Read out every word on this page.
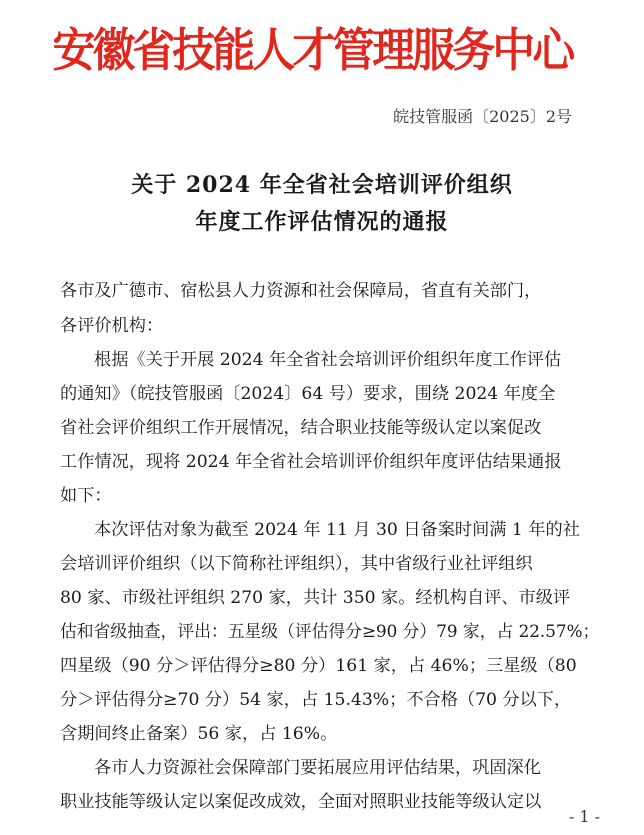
安徽省技能人才管理服务中心
皖技管服函〔2025〕2号
关于 2024 年全省社会培训评价组织
年度工作评估情况的通报
各市及广德市、宿松县人力资源和社会保障局，省直有关部门，
各评价机构：
根据《关于开展 2024 年全省社会培训评价组织年度工作评估
的通知》（皖技管服函〔2024〕64 号）要求，围绕 2024 年度全
省社会评价组织工作开展情况，结合职业技能等级认定以案促改
工作情况，现将 2024 年全省社会培训评价组织年度评估结果通报
如下：
本次评估对象为截至 2024 年 11 月 30 日备案时间满 1 年的社
会培训评价组织（以下简称社评组织），其中省级行业社评组织
80 家、市级社评组织 270 家，共计 350 家。经机构自评、市级评
估和省级抽查，评出：五星级（评估得分≥90 分）79 家，占 22.57%；
四星级（90 分＞评估得分≥80 分）161 家，占 46%；三星级（80
分＞评估得分≥70 分）54 家，占 15.43%；不合格（70 分以下，
含期间终止备案）56 家，占 16%。
各市人力资源社会保障部门要拓展应用评估结果，巩固深化
职业技能等级认定以案促改成效，全面对照职业技能等级认定以
- 1 -
